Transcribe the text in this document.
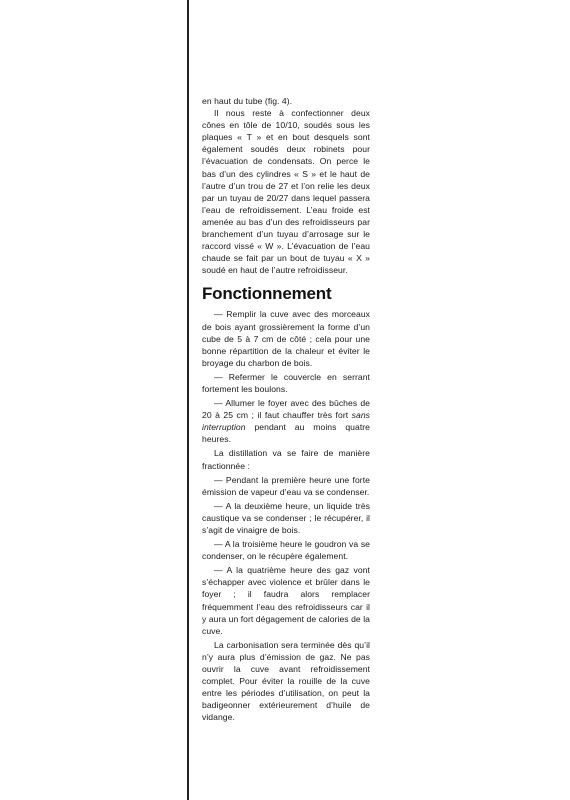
en haut du tube (fig. 4).

Il nous reste à confectionner deux cônes en tôle de 10/10, soudés sous les plaques « T » et en bout desquels sont également soudés deux robinets pour l’évacuation de condensats. On perce le bas d’un des cylindres « S » et le haut de l’autre d’un trou de 27 et l’on relie les deux par un tuyau de 20/27 dans lequel passera l’eau de refroidissement. L’eau froide est amenée au bas d’un des refroidisseurs par branchement d’un tuyau d’arrosage sur le raccord vissé « W ». L’évacuation de l’eau chaude se fait par un bout de tuyau « X » soudé en haut de l’autre refroidisseur.

Fonctionnement

— Remplir la cuve avec des morceaux de bois ayant grossièrement la forme d’un cube de 5 à 7 cm de côté ; cela pour une bonne répartition de la chaleur et éviter le broyage du charbon de bois.

— Refermer le couvercle en serrant fortement les boulons.

— Allumer le foyer avec des bûches de 20 à 25 cm ; il faut chauffer très fort sans interruption pendant au moins quatre heures.

La distillation va se faire de manière fractionnée :

— Pendant la première heure une forte émission de vapeur d’eau va se condenser.

— A la deuxième heure, un liquide très caustique va se condenser ; le récupérer, il s’agit de vinaigre de bois.

— A la troisième heure le goudron va se condenser, on le récupère également.

— A la quatrième heure des gaz vont s’échapper avec violence et brûler dans le foyer ; il faudra alors remplacer fréquemment l’eau des refroidisseurs car il y aura un fort dégagement de calories de la cuve.

La carbonisation sera terminée dès qu’il n’y aura plus d’émission de gaz. Ne pas ouvrir la cuve avant refroidissement complet. Pour éviter la rouille de la cuve entre les périodes d’utilisation, on peut la badigeonner extérieurement d’huile de vidange.
